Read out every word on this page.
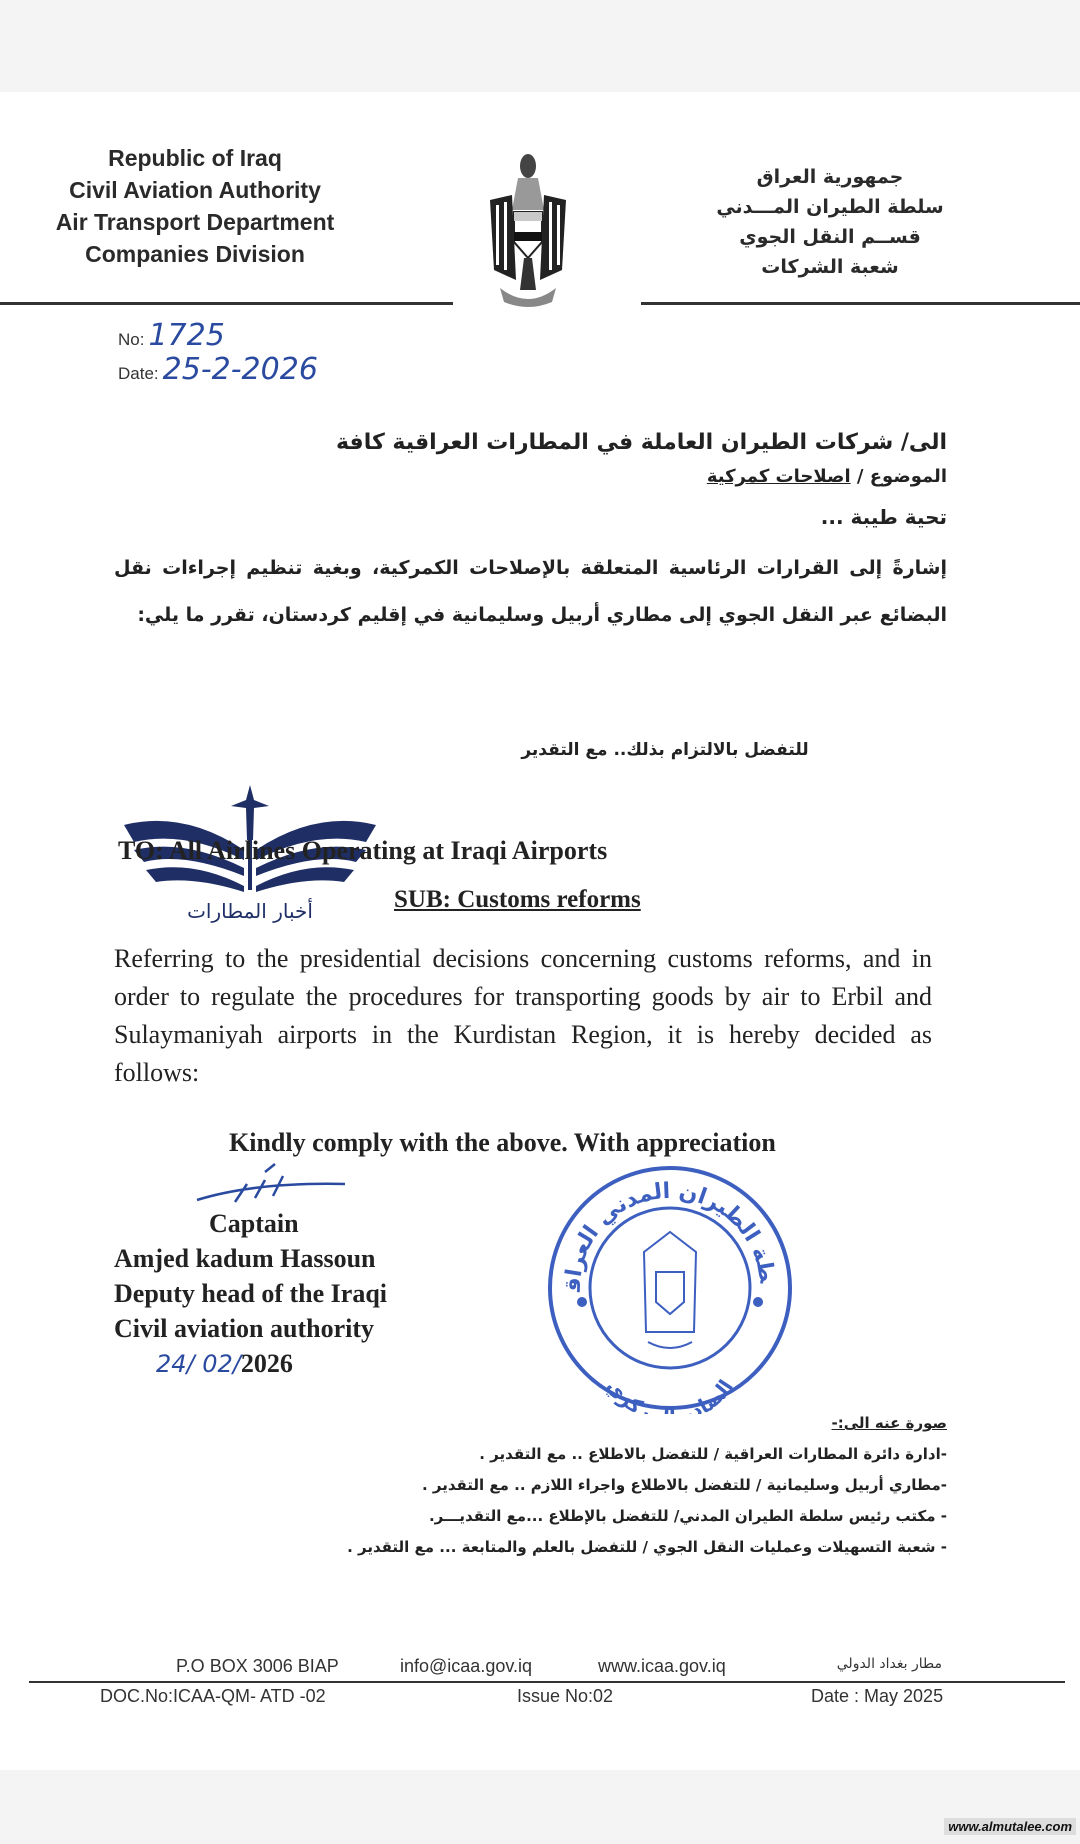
Republic of Iraq
Civil Aviation Authority
Air Transport Department
Companies Division
جمهورية العراق
سلطة الطيران المـــدني
قســم النقل الجوي
شعبة الشركات
No: 1725
Date: 25-2-2026
الى/ شركات الطيران العاملة في المطارات العراقية كافة
الموضوع / اصلاحات كمركية
تحية طيبة ...
إشارةً إلى القرارات الرئاسية المتعلقة بالإصلاحات الكمركية، وبغية تنظيم إجراءات نقل البضائع عبر النقل الجوي إلى مطاري أربيل وسليمانية في إقليم كردستان، تقرر ما يلي:
للتفضل بالالتزام بذلك.. مع التقدير
أخبار المطارات
TO: All Airlines Operating at Iraqi Airports
SUB: Customs reforms
Referring to the presidential decisions concerning customs reforms, and in order to regulate the procedures for transporting goods by air to Erbil and Sulaymaniyah airports in the Kurdistan Region, it is hereby decided as follows:
Kindly comply with the above. With appreciation
Captain
Amjed kadum Hassoun
Deputy head of the Iraqi
Civil aviation authority
24/ 02/2026
طة الطيران المدني العراق
الصادر مركزي
صورة عنه الى:-
-ادارة دائرة المطارات العراقية / للتفضل بالاطلاع .. مع التقدير .
-مطاري أربيل وسليمانية / للتفضل بالاطلاع واجراء اللازم .. مع التقدير .
- مكتب رئيس سلطة الطيران المدني/ للتفضل بالإطلاع ...مع التقديـــر.
- شعبة التسهيلات وعمليات النقل الجوي / للتفضل بالعلم والمتابعة ... مع التقدير .
P.O BOX 3006 BIAP	info@icaa.gov.iq	www.icaa.gov.iq	مطار بغداد الدولي
DOC.No:ICAA-QM- ATD -02	Issue No:02	Date : May 2025
www.almutalee.com
